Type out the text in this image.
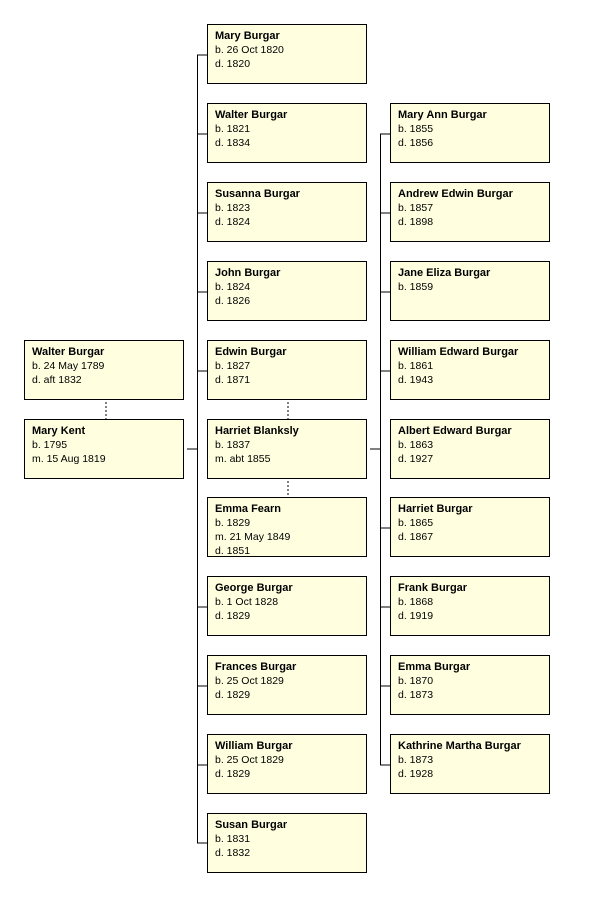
Walter Burgar
b. 24 May 1789
d. aft 1832
Mary Kent
b. 1795
m. 15 Aug 1819
Mary Burgar
b. 26 Oct 1820
d. 1820
Walter Burgar
b. 1821
d. 1834
Susanna Burgar
b. 1823
d. 1824
John Burgar
b. 1824
d. 1826
Edwin Burgar
b. 1827
d. 1871
Harriet Blanksly
b. 1837
m. abt 1855
Emma Fearn
b. 1829
m. 21 May 1849
d. 1851
George Burgar
b. 1 Oct 1828
d. 1829
Frances Burgar
b. 25 Oct 1829
d. 1829
William Burgar
b. 25 Oct 1829
d. 1829
Susan Burgar
b. 1831
d. 1832
Mary Ann Burgar
b. 1855
d. 1856
Andrew Edwin Burgar
b. 1857
d. 1898
Jane Eliza Burgar
b. 1859
William Edward Burgar
b. 1861
d. 1943
Albert Edward Burgar
b. 1863
d. 1927
Harriet Burgar
b. 1865
d. 1867
Frank Burgar
b. 1868
d. 1919
Emma Burgar
b. 1870
d. 1873
Kathrine Martha Burgar
b. 1873
d. 1928
